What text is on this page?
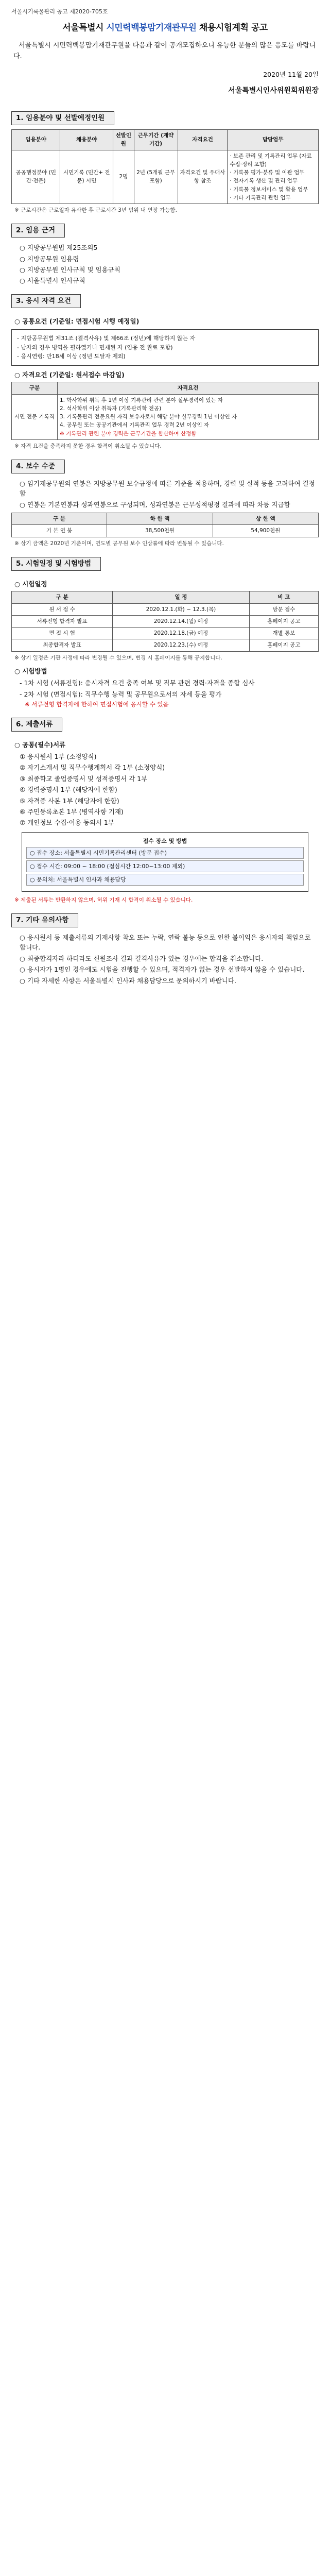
서울시기록물관리 공고 제2020-705호
서울특별시 시민력백봉맘기재관무원 채용시험계획 공고
서울특별시 시민력백봉맘기재관무원을 다음과 같이 공개모집하오니 유능한 분들의 많은 응모를 바랍니다.
2020년 11월 20일
서울특별시인사위원회위원장
1. 임용분야 및 선발예정인원
임용분야	채용분야	선발인원	근무기간 (계약기간)	자격요건	담당업무
공공행정분야 (민간·전문)	시민기록 (민간+ 전문) 시민	2명	2년 (5개월 근무 포함)	자격요건 및 우대사항 참조	· 보존 관리 및 기록관리 업무 (자료 수집·정리 포함)
· 기록물 평가·분류 및 이관 업무
· 전자기록 생산 및 관리 업무
· 기록물 정보서비스 및 활용 업무
· 기타 기록관리 관련 업무
※ 근로시간은 근로일자 유사한 후 근로시간 3년 범위 내 연장 가능함.
2. 임용 근거
○ 지방공무원법 제25조의5
○ 지방공무원 임용령
○ 지방공무원 인사규칙 및 임용규칙
○ 서울특별시 인사규칙
3. 응시 자격 요건
○ 공통요건 (기준일: 면접시험 시행 예정일)
- 지방공무원법 제31조 (결격사유) 및 제66조 (정년)에 해당하지 않는 자
- 남자의 경우 병역을 필하였거나 면제된 자 (임용 전 완료 포함)
- 응시연령: 만18세 이상 (정년 도달자 제외)
○ 자격요건 (기준일: 원서접수 마감일)
구분	자격요건
시민 전문 기록직	1. 학사학위 취득 후 1년 이상 기록관리 관련 분야 실무경력이 있는 자
2. 석사학위 이상 취득자 (기록관리학 전공)
3. 기록물관리 전문요원 자격 보유자로서 해당 분야 실무경력 1년 이상인 자
4. 공무원 또는 공공기관에서 기록관리 업무 경력 2년 이상인 자
※ 기록관리 관련 분야 경력은 근무기간을 합산하여 산정함
※ 자격 요건을 충족하지 못한 경우 합격이 취소될 수 있습니다.
4. 보수 수준
○ 임기제공무원의 연봉은 지방공무원 보수규정에 따른 기준을 적용하며, 경력 및 실적 등을 고려하여 결정함
○ 연봉은 기본연봉과 성과연봉으로 구성되며, 성과연봉은 근무성적평정 결과에 따라 차등 지급함
구 분	하 한 액	상 한 액
기 본 연 봉	38,500천원	54,900천원
※ 상기 금액은 2020년 기준이며, 연도별 공무원 보수 인상률에 따라 변동될 수 있습니다.
5. 시험일정 및 시험방법
○ 시험일정
구 분	일 정	비 고
원 서 접 수	2020.12.1.(화) ~ 12.3.(목)	방문 접수
서류전형 합격자 발표	2020.12.14.(월) 예정	홈페이지 공고
면 접 시 험	2020.12.18.(금) 예정	개별 통보
최종합격자 발표	2020.12.23.(수) 예정	홈페이지 공고
※ 상기 일정은 기관 사정에 따라 변경될 수 있으며, 변경 시 홈페이지를 통해 공지합니다.
○ 시험방법
- 1차 시험 (서류전형): 응시자격 요건 충족 여부 및 직무 관련 경력·자격을 종합 심사
- 2차 시험 (면접시험): 직무수행 능력 및 공무원으로서의 자세 등을 평가
※ 서류전형 합격자에 한하여 면접시험에 응시할 수 있음
6. 제출서류
○ 공통(필수)서류
① 응시원서 1부 (소정양식)
② 자기소개서 및 직무수행계획서 각 1부 (소정양식)
③ 최종학교 졸업증명서 및 성적증명서 각 1부
④ 경력증명서 1부 (해당자에 한함)
⑤ 자격증 사본 1부 (해당자에 한함)
⑥ 주민등록초본 1부 (병역사항 기재)
⑦ 개인정보 수집·이용 동의서 1부
접수 장소 및 방법
○ 접수 장소: 서울특별시 시민기록관리센터 (방문 접수)
○ 접수 시간: 09:00 ~ 18:00 (점심시간 12:00~13:00 제외)
○ 문의처: 서울특별시 인사과 채용담당
※ 제출된 서류는 반환하지 않으며, 허위 기재 시 합격이 취소될 수 있습니다.
7. 기타 유의사항
○ 응시원서 등 제출서류의 기재사항 착오 또는 누락, 연락 불능 등으로 인한 불이익은 응시자의 책임으로 합니다.
○ 최종합격자라 하더라도 신원조사 결과 결격사유가 있는 경우에는 합격을 취소합니다.
○ 응시자가 1명인 경우에도 시험을 진행할 수 있으며, 적격자가 없는 경우 선발하지 않을 수 있습니다.
○ 기타 자세한 사항은 서울특별시 인사과 채용담당으로 문의하시기 바랍니다.
